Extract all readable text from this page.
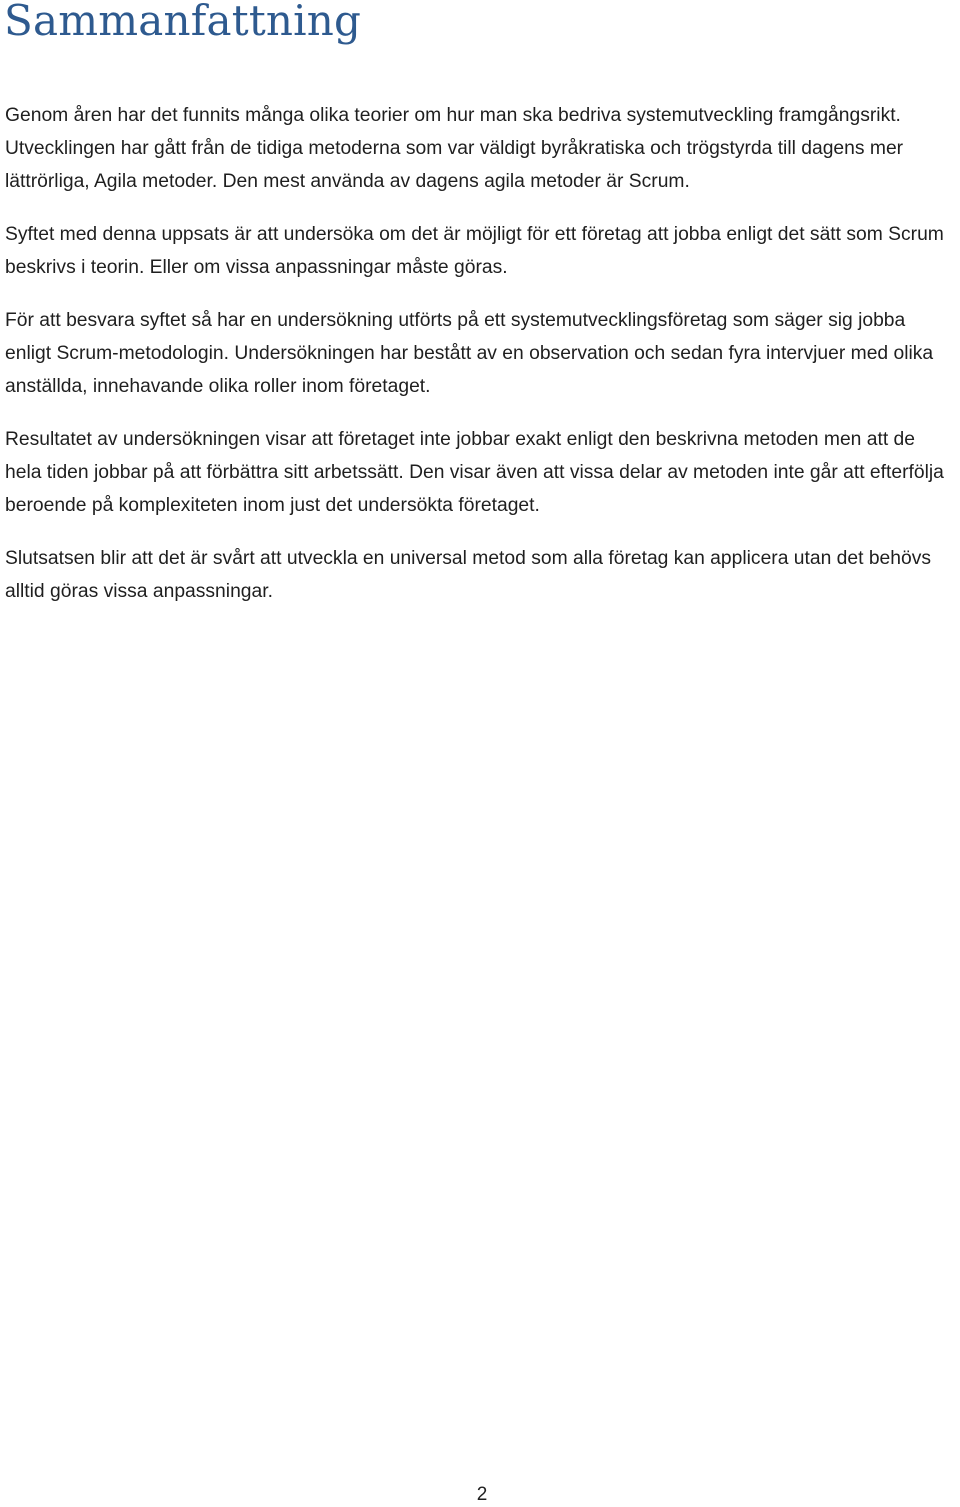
Sammanfattning

Genom åren har det funnits många olika teorier om hur man ska bedriva systemutveckling framgångsrikt. Utvecklingen har gått från de tidiga metoderna som var väldigt byråkratiska och trögstyrda till dagens mer lättrörliga, Agila metoder. Den mest använda av dagens agila metoder är Scrum.

Syftet med denna uppsats är att undersöka om det är möjligt för ett företag att jobba enligt det sätt som Scrum beskrivs i teorin. Eller om vissa anpassningar måste göras.

För att besvara syftet så har en undersökning utförts på ett systemutvecklingsföretag som säger sig jobba enligt Scrum-metodologin. Undersökningen har bestått av en observation och sedan fyra intervjuer med olika anställda, innehavande olika roller inom företaget.

Resultatet av undersökningen visar att företaget inte jobbar exakt enligt den beskrivna metoden men att de hela tiden jobbar på att förbättra sitt arbetssätt. Den visar även att vissa delar av metoden inte går att efterfölja beroende på komplexiteten inom just det undersökta företaget.

Slutsatsen blir att det är svårt att utveckla en universal metod som alla företag kan applicera utan det behövs alltid göras vissa anpassningar.

2
